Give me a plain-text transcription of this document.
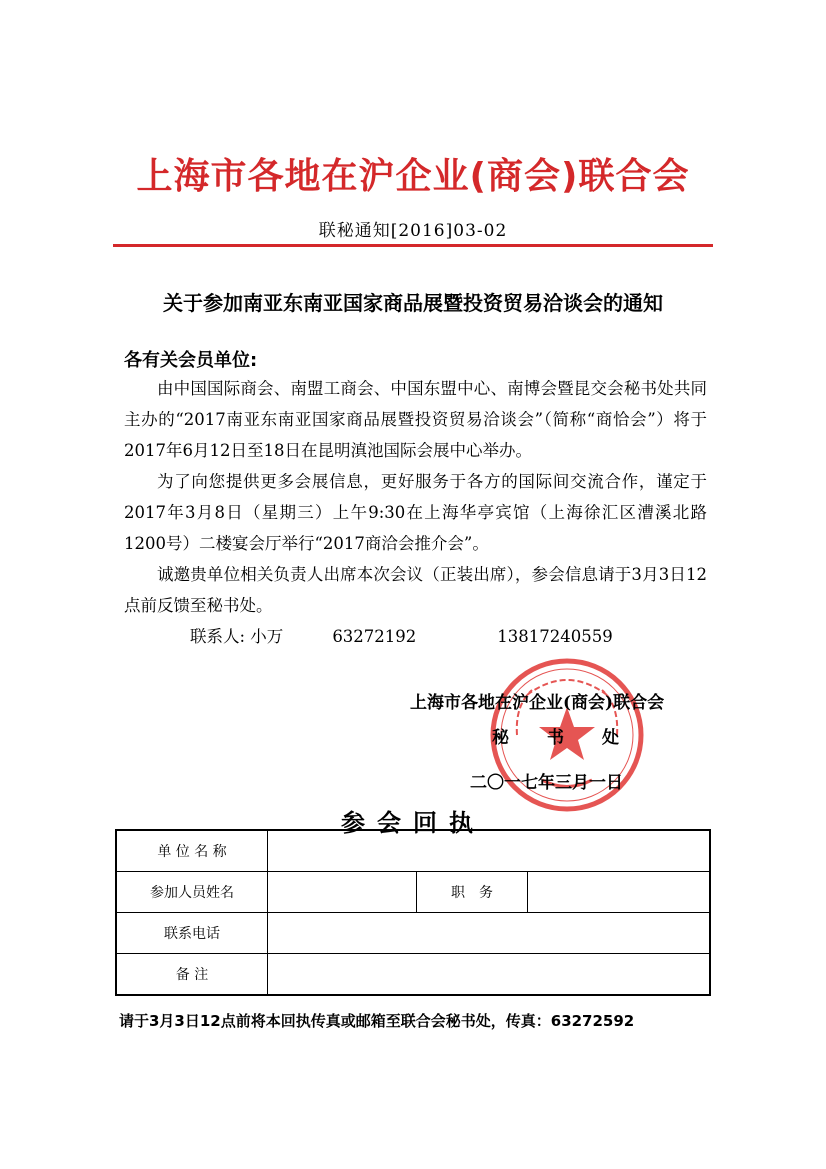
上海市各地在沪企业(商会)联合会
联秘通知[2016]03-02
关于参加南亚东南亚国家商品展暨投资贸易洽谈会的通知
各有关会员单位:

由中国国际商会、南盟工商会、中国东盟中心、南博会暨昆交会秘书处共同主办的“2017南亚东南亚国家商品展暨投资贸易洽谈会”（简称“商恰会”）将于2017年6月12日至18日在昆明滇池国际会展中心举办。

为了向您提供更多会展信息，更好服务于各方的国际间交流合作，谨定于2017年3月8日（星期三）上午9:30在上海华亭宾馆（上海徐汇区漕溪北路1200号）二楼宴会厅举行“2017商洽会推介会”。

诚邀贵单位相关负责人出席本次会议（正装出席），参会信息请于3月3日12点前反馈至秘书处。

联系人: 小万	63272192	13817240559

上海市各地在沪企业(商会)联合会
秘书处
二〇一七年三月一日
参会回执
单 位 名 称			
参加人员姓名		职　务	
联系电话			
备 注			
请于3月3日12点前将本回执传真或邮箱至联合会秘书处，传真：63272592
